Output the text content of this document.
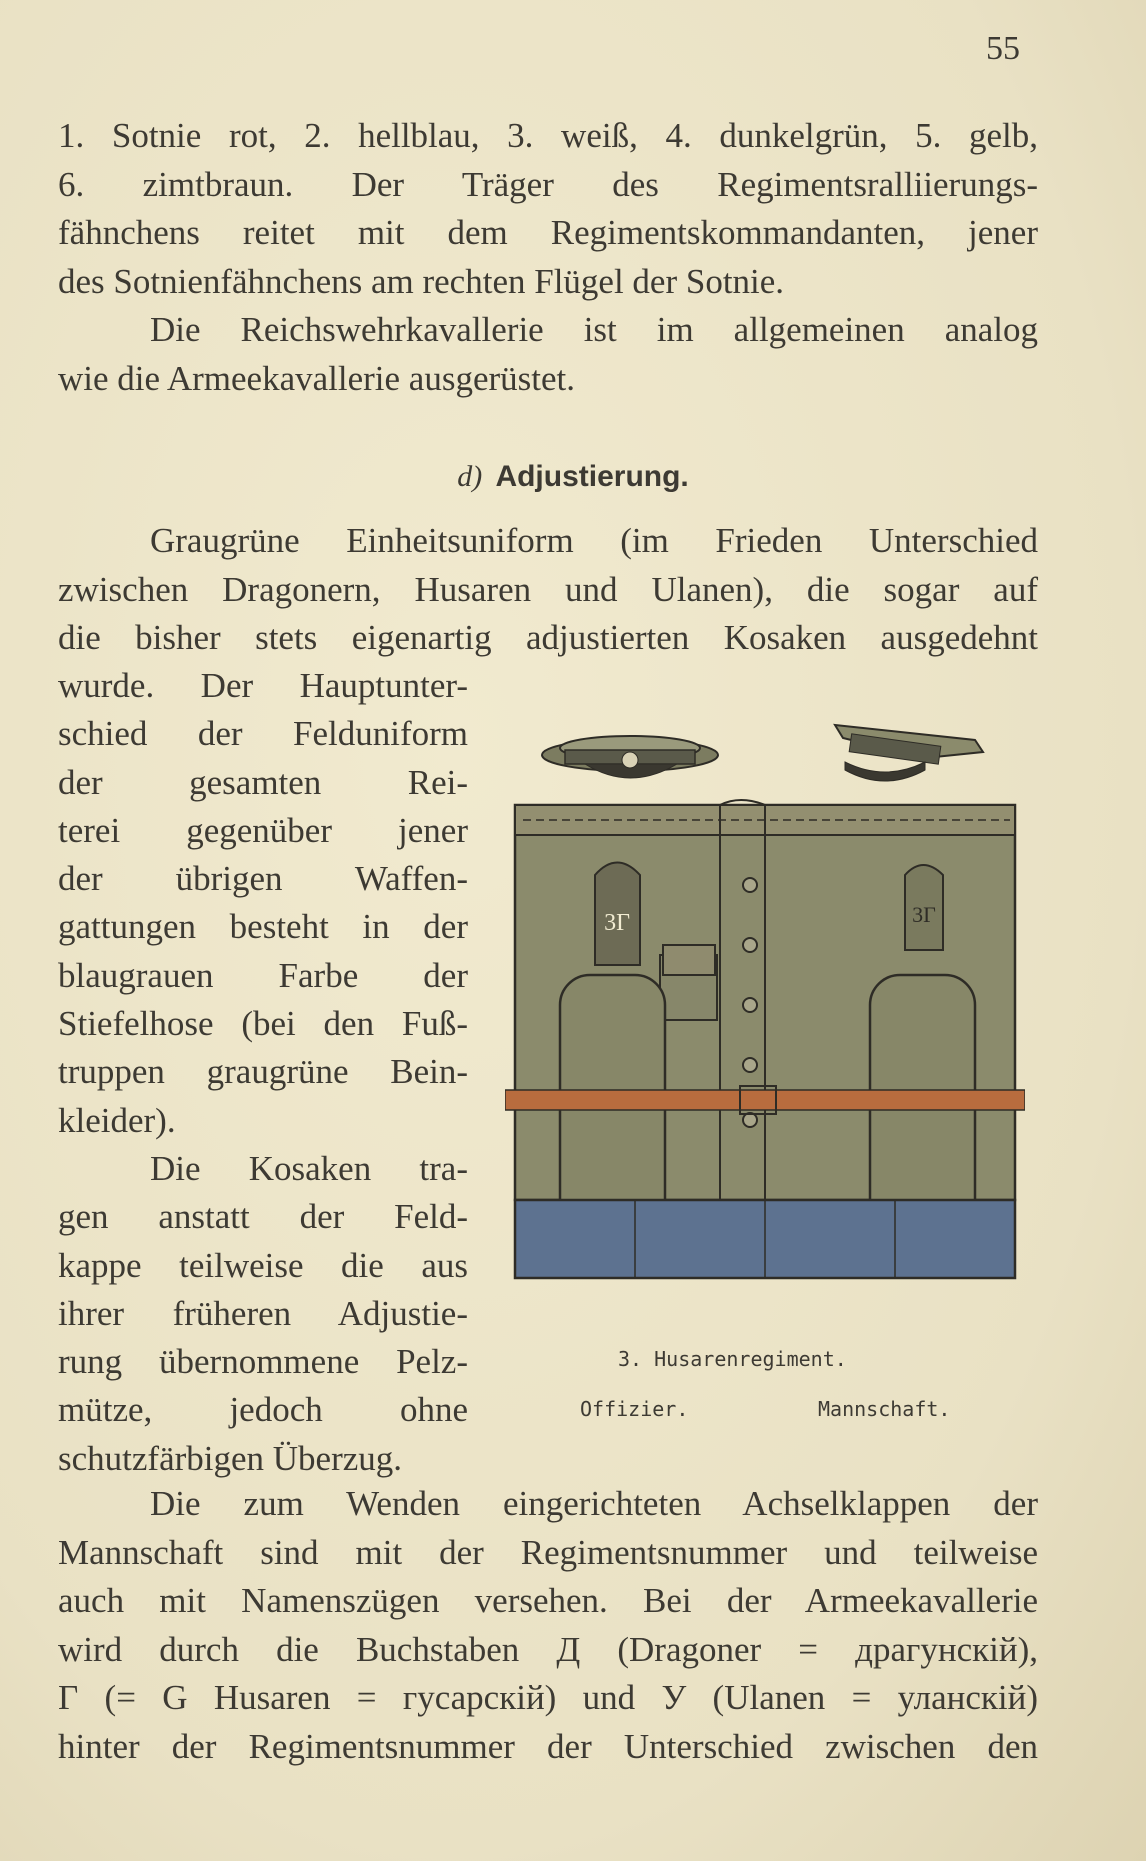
55
1. Sotnie rot, 2. hellblau, 3. weiß, 4. dunkelgrün, 5. gelb,
6. zimtbraun. Der Träger des Regimentsralliierungs-
fähnchens reitet mit dem Regimentskommandanten, jener
des Sotnienfähnchens am rechten Flügel der Sotnie.
Die Reichswehrkavallerie ist im allgemeinen analog
wie die Armeekavallerie ausgerüstet.
d) Adjustierung.
Graugrüne Einheitsuniform (im Frieden Unterschied
zwischen Dragonern, Husaren und Ulanen), die sogar auf
die bisher stets eigenartig adjustierten Kosaken ausgedehnt
wurde. Der Hauptunter-
schied der Felduniform
der gesamten Rei-
terei gegenüber jener
der übrigen Waffen-
gattungen besteht in der
blaugrauen Farbe der
Stiefelhose (bei den Fuß-
truppen graugrüne Bein-
kleider).
Die Kosaken tra-
gen anstatt der Feld-
kappe teilweise die aus
ihrer früheren Adjustie-
rung übernommene Pelz-
mütze, jedoch ohne
schutzfärbigen Überzug.
3Г	3Г
3. Husarenregiment.
Offizier.	Mannschaft.
Die zum Wenden eingerichteten Achselklappen der
Mannschaft sind mit der Regimentsnummer und teilweise
auch mit Namenszügen versehen. Bei der Armeekavallerie
wird durch die Buchstaben Д (Dragoner = драгунскій),
Г (= G Husaren = гусарскій) und У (Ulanen = уланскій)
hinter der Regimentsnummer der Unterschied zwischen den
